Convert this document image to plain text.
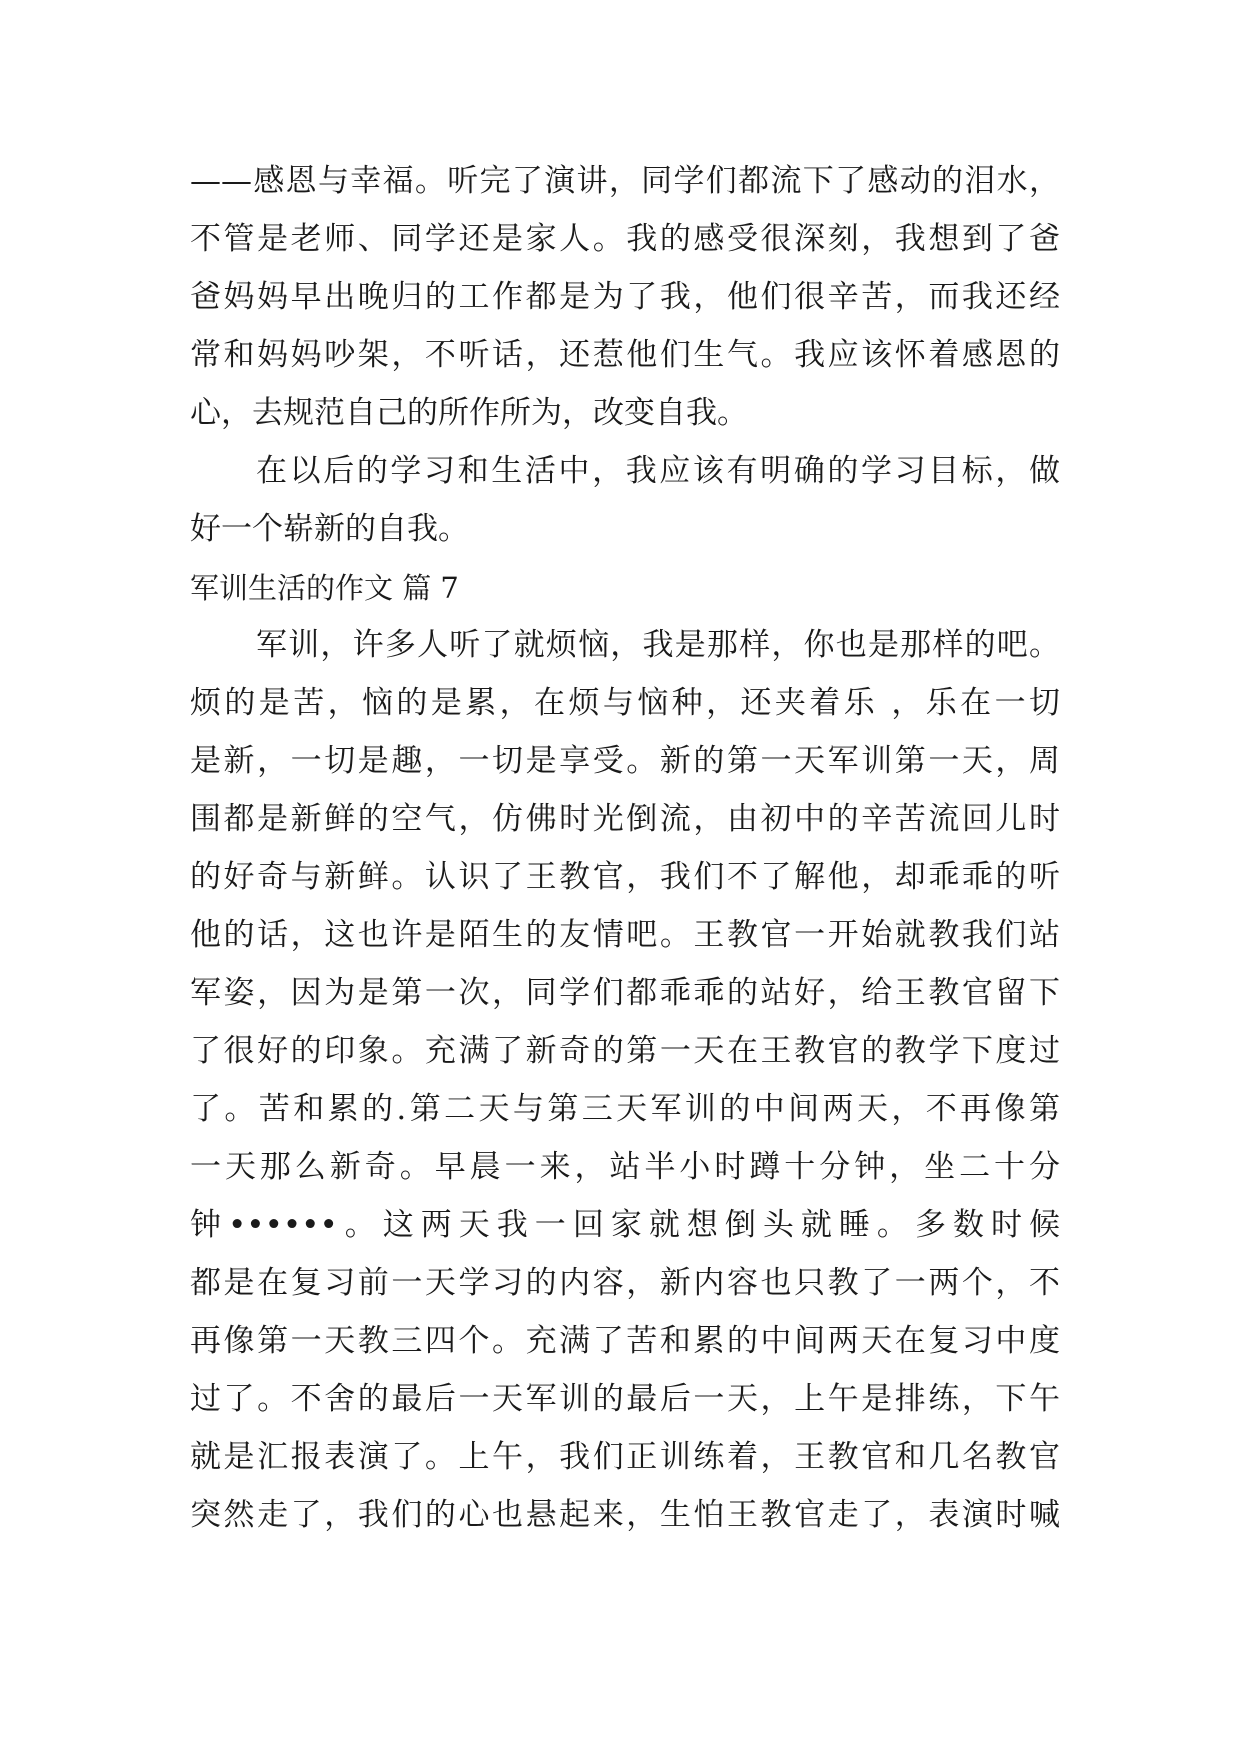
——感恩与幸福。听完了演讲，同学们都流下了感动的泪水，
不管是老师、同学还是家人。我的感受很深刻，我想到了爸
爸妈妈早出晚归的工作都是为了我，他们很辛苦，而我还经
常和妈妈吵架，不听话，还惹他们生气。我应该怀着感恩的
心，去规范自己的所作所为，改变自我。
在以后的学习和生活中，我应该有明确的学习目标，做
好一个崭新的自我。
军训生活的作文 篇 7
军训，许多人听了就烦恼，我是那样，你也是那样的吧。
烦的是苦，恼的是累，在烦与恼种，还夹着乐 ，乐在一切
是新，一切是趣，一切是享受。新的第一天军训第一天，周
围都是新鲜的空气，仿佛时光倒流，由初中的辛苦流回儿时
的好奇与新鲜。认识了王教官，我们不了解他，却乖乖的听
他的话，这也许是陌生的友情吧。王教官一开始就教我们站
军姿，因为是第一次，同学们都乖乖的站好，给王教官留下
了很好的印象。充满了新奇的第一天在王教官的教学下度过
了。苦和累的.第二天与第三天军训的中间两天，不再像第
一天那么新奇。早晨一来，站半小时蹲十分钟，坐二十分
钟••••••。这两天我一回家就想倒头就睡。多数时候
都是在复习前一天学习的内容，新内容也只教了一两个，不
再像第一天教三四个。充满了苦和累的中间两天在复习中度
过了。不舍的最后一天军训的最后一天，上午是排练，下午
就是汇报表演了。上午，我们正训练着，王教官和几名教官
突然走了，我们的心也悬起来，生怕王教官走了，表演时喊
